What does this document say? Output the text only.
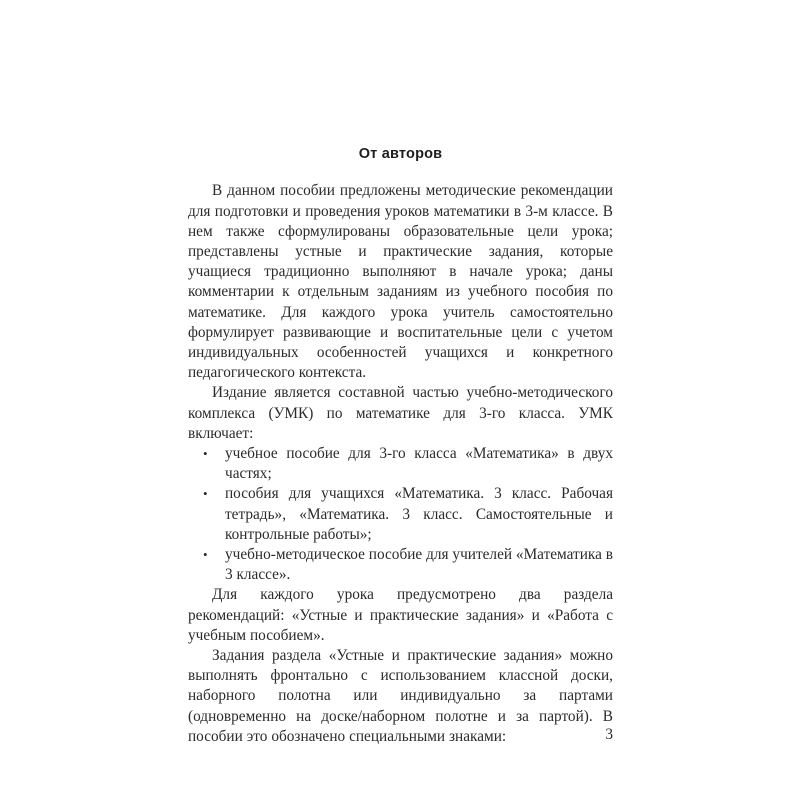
От авторов

В данном пособии предложены методические рекомендации для подготовки и проведения уроков математики в 3-м классе. В нем также сформулированы образовательные цели урока; представлены устные и практические задания, которые учащиеся традиционно выполняют в начале урока; даны комментарии к отдельным заданиям из учебного пособия по математике. Для каждого урока учитель самостоятельно формулирует развивающие и воспитательные цели с учетом индивидуальных особенностей учащихся и конкретного педагогического контекста.

Издание является составной частью учебно-методического комплекса (УМК) по математике для 3-го класса. УМК включает:

• учебное пособие для 3-го класса «Математика» в двух частях;
• пособия для учащихся «Математика. 3 класс. Рабочая тетрадь», «Математика. 3 класс. Самостоятельные и контрольные работы»;
• учебно-методическое пособие для учителей «Математика в 3 классе».

Для каждого урока предусмотрено два раздела рекомендаций: «Устные и практические задания» и «Работа с учебным пособием».

Задания раздела «Устные и практические задания» можно выполнять фронтально с использованием классной доски, наборного полотна или индивидуально за партами (одновременно на доске/наборном полотне и за партой). В пособии это обозначено специальными знаками:	3
